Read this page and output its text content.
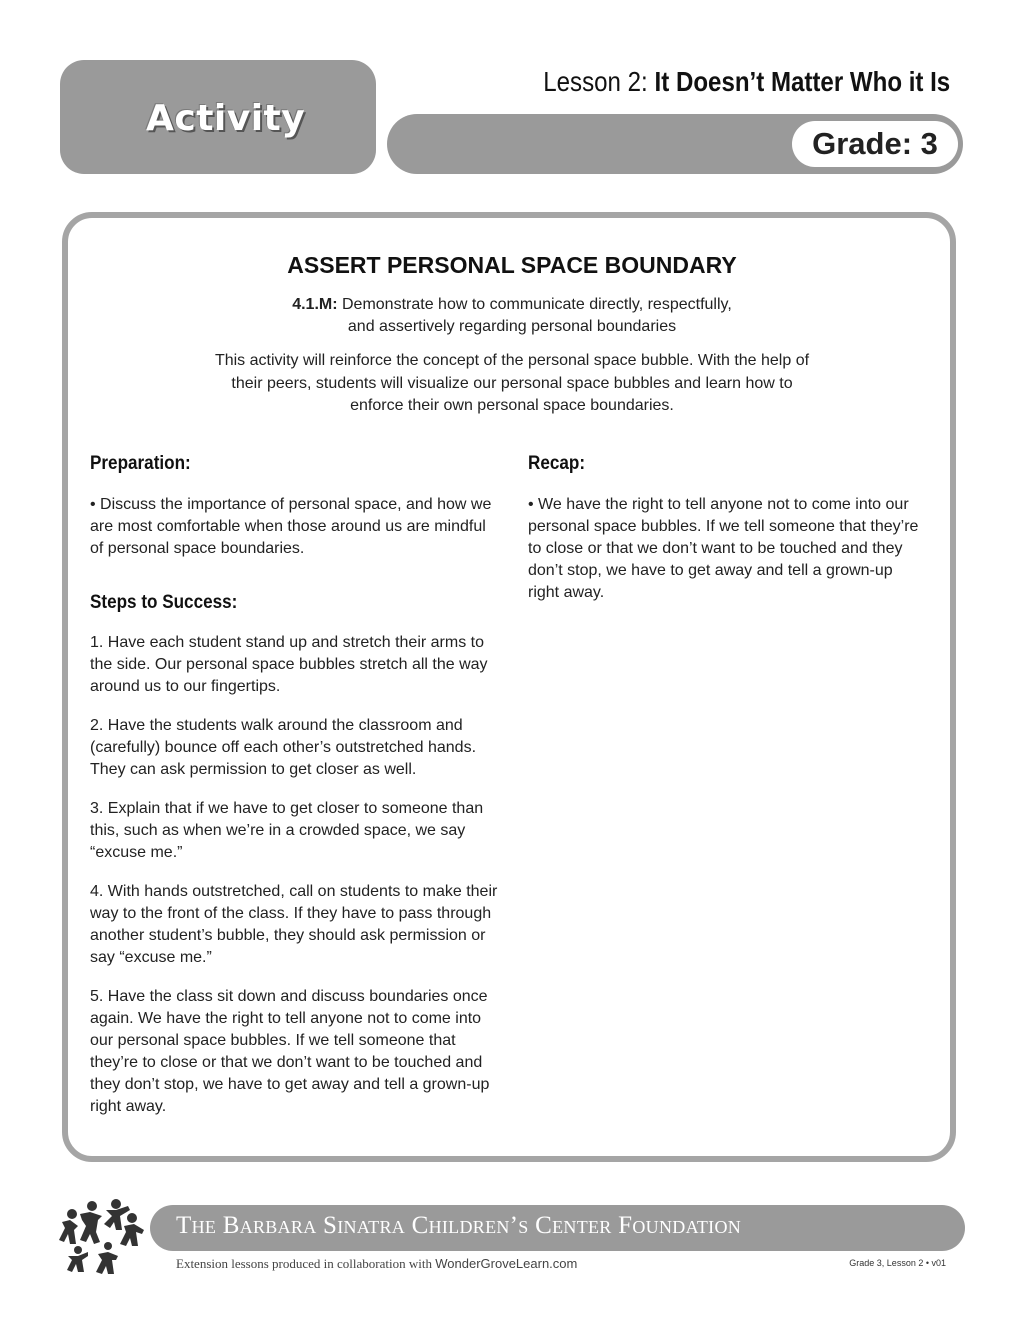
Activity
Lesson 2: It Doesn’t Matter Who it Is
Grade: 3
ASSERT PERSONAL SPACE BOUNDARY
4.1.M: Demonstrate how to communicate directly, respectfully,
and assertively regarding personal boundaries
This activity will reinforce the concept of the personal space bubble. With the help of their peers, students will visualize our personal space bubbles and learn how to enforce their own personal space boundaries.
Preparation:
• Discuss the importance of personal space, and how we are most comfortable when those around us are mindful of personal space boundaries.
Steps to Success:
1. Have each student stand up and stretch their arms to the side. Our personal space bubbles stretch all the way around us to our fingertips.
2. Have the students walk around the classroom and (carefully) bounce off each other’s outstretched hands. They can ask permission to get closer as well.
3. Explain that if we have to get closer to someone than this, such as when we’re in a crowded space, we say “excuse me.”
4. With hands outstretched, call on students to make their way to the front of the class. If they have to pass through another student’s bubble, they should ask permission or say “excuse me.”
5. Have the class sit down and discuss boundaries once again. We have the right to tell anyone not to come into our personal space bubbles. If we tell someone that they’re to close or that we don’t want to be touched and they don’t stop, we have to get away and tell a grown-up right away.
Recap:
• We have the right to tell anyone not to come into our personal space bubbles. If we tell someone that they’re to close or that we don’t want to be touched and they don’t stop, we have to get away and tell a grown-up right away.
The Barbara Sinatra Children’s Center Foundation
Extension lessons produced in collaboration with WonderGroveLearn.com	Grade 3, Lesson 2 • v01
